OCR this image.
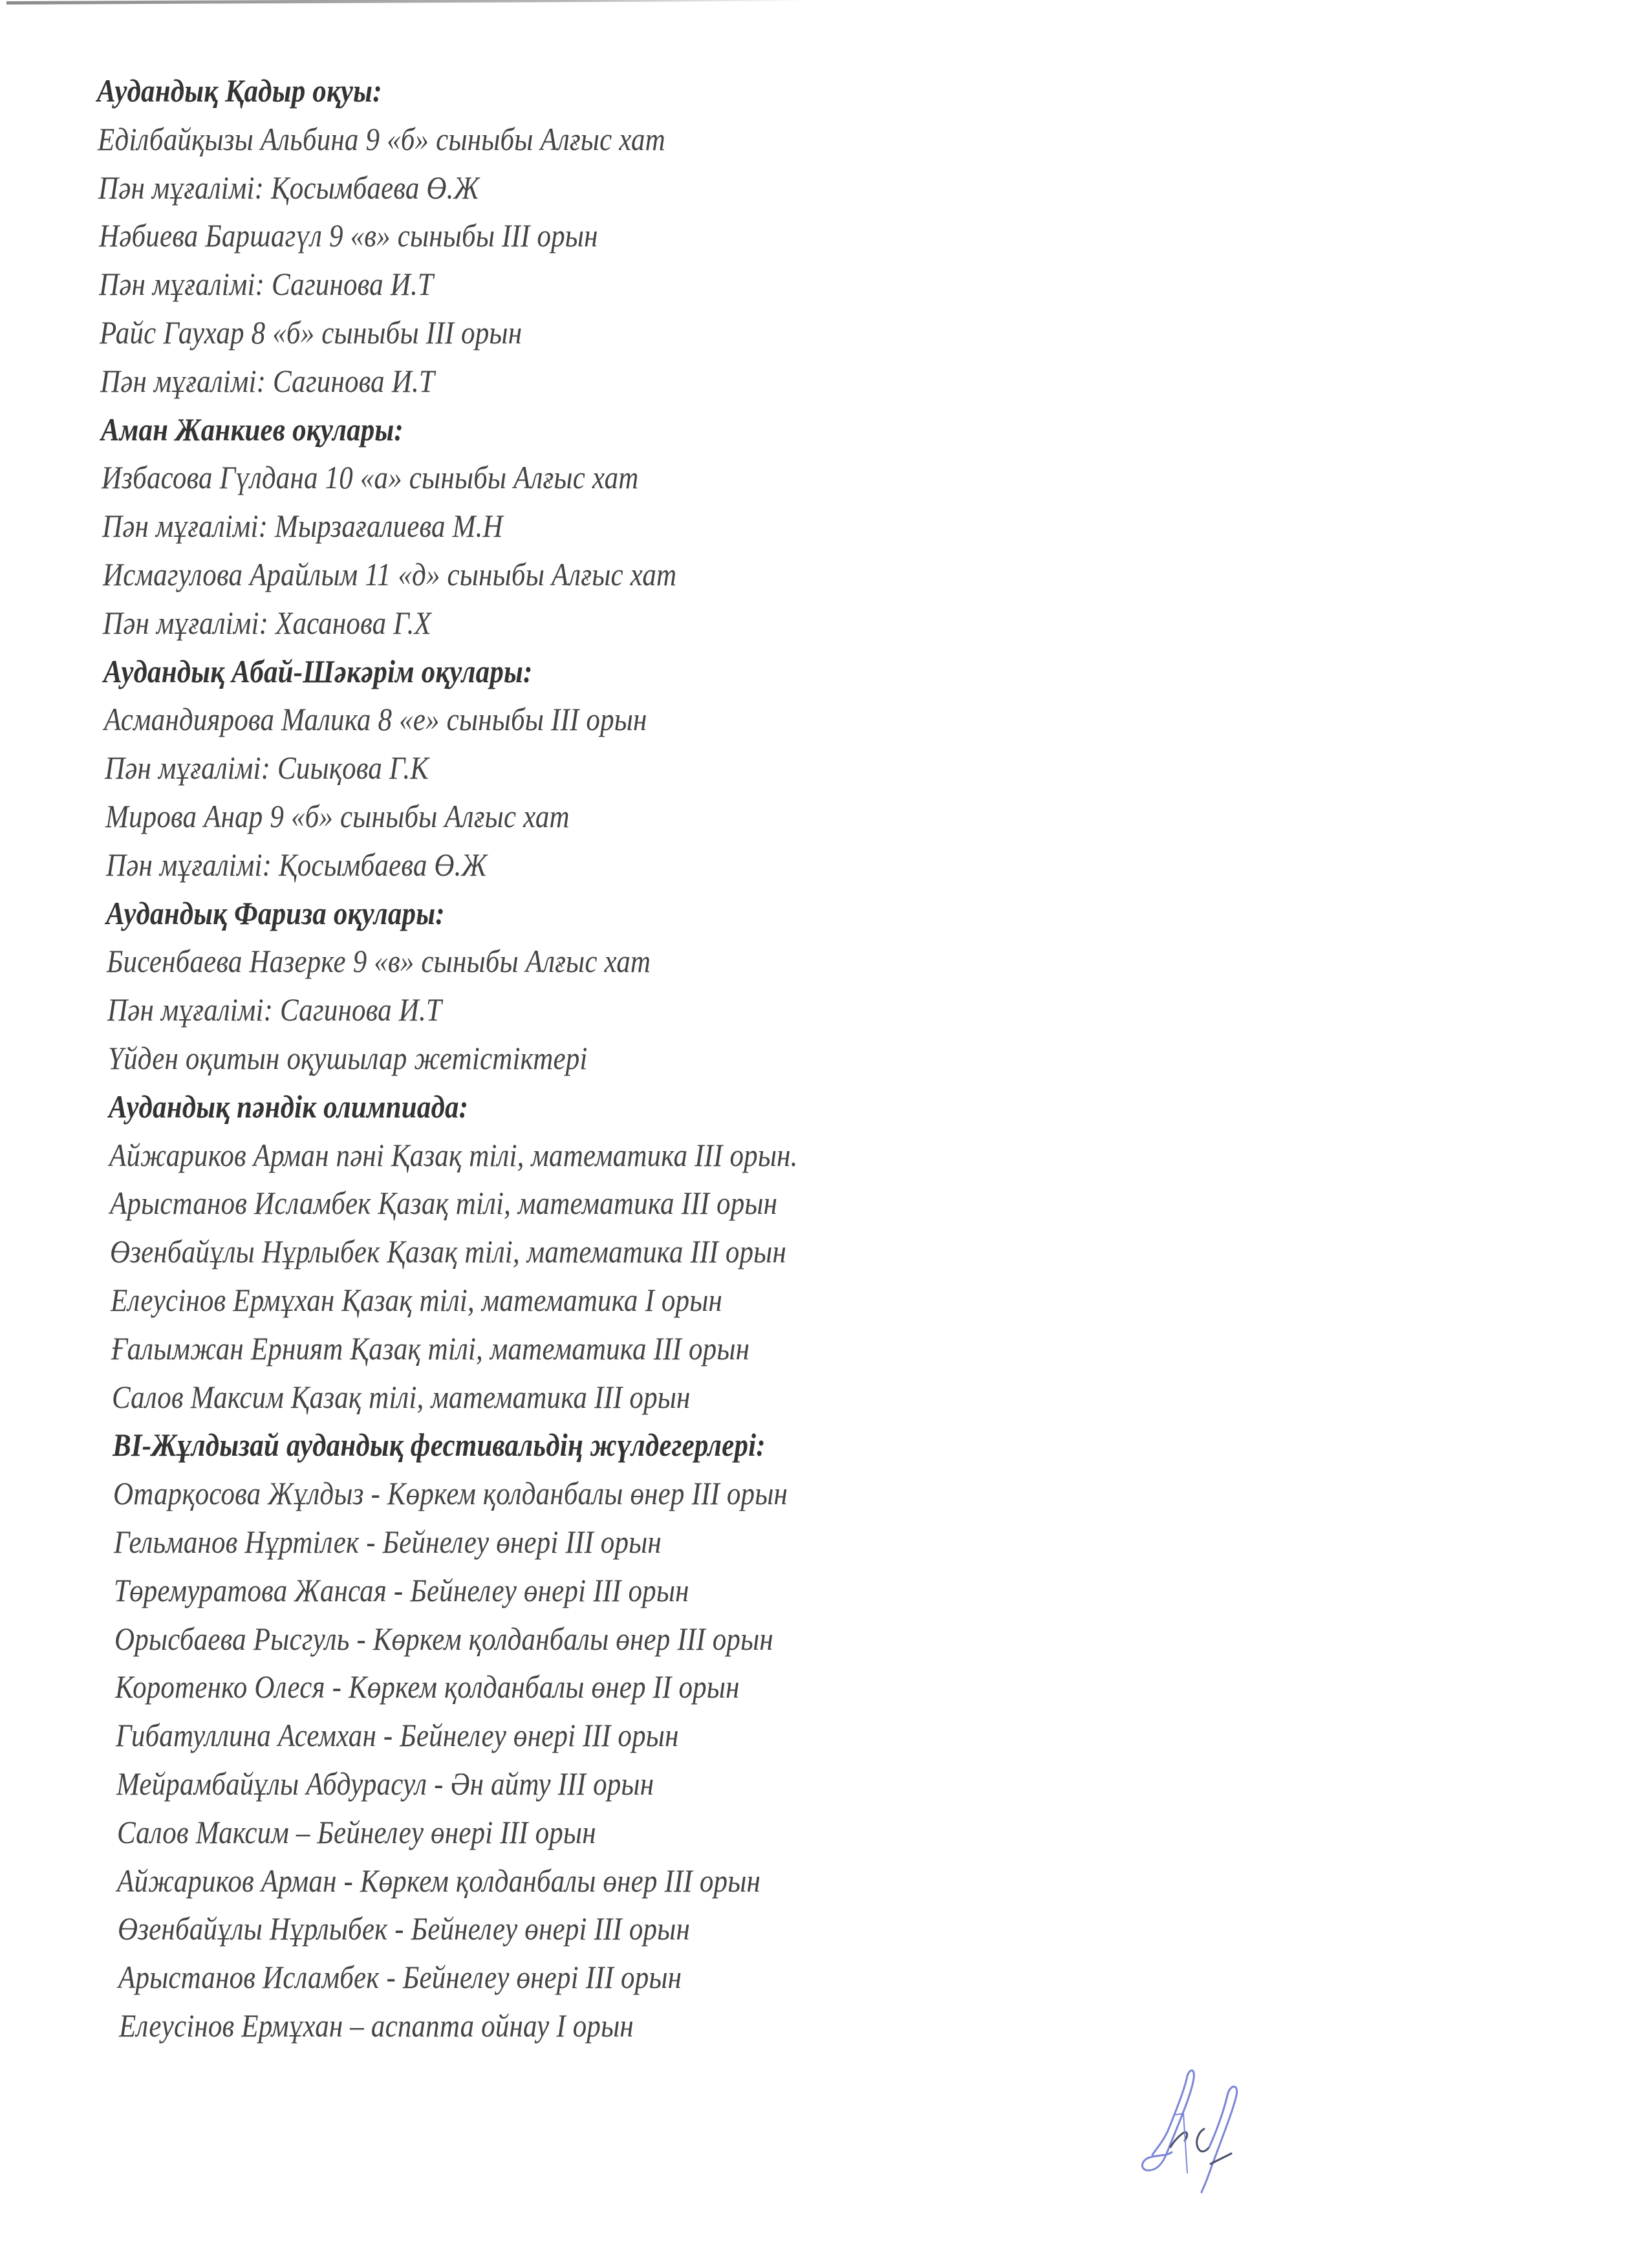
Аудандық Қадыр оқуы:
Еділбайқызы Альбина 9 «б» сыныбы Алғыс хат
Пән мұғалімі: Қосымбаева Ө.Ж
Нәбиева Баршагүл 9 «в» сыныбы III орын
Пән мұғалімі: Сагинова И.Т
Райс Гаухар 8 «б» сыныбы III орын
Пән мұғалімі: Сагинова И.Т
Аман Жанкиев оқулары:
Избасова Гүлдана 10 «а» сыныбы Алғыс хат
Пән мұғалімі: Мырзағалиева М.Н
Исмагулова Арайлым 11 «д» сыныбы Алғыс хат
Пән мұғалімі: Хасанова Г.Х
Аудандық Абай-Шәкәрім оқулары:
Асмандиярова Малика 8 «е» сыныбы III орын
Пән мұғалімі: Сиықова Г.К
Мирова Анар 9 «б» сыныбы Алғыс хат
Пән мұғалімі: Қосымбаева Ө.Ж
Аудандық Фариза оқулары:
Бисенбаева Назерке 9 «в» сыныбы Алғыс хат
Пән мұғалімі: Сагинова И.Т
Үйден оқитын оқушылар жетістіктері
Аудандық пәндік олимпиада:
Айжариков Арман пәні Қазақ тілі, математика III орын.
Арыстанов Исламбек Қазақ тілі, математика III орын
Өзенбайұлы Нұрлыбек Қазақ тілі, математика III орын
Елеусінов Ермұхан Қазақ тілі, математика I орын
Ғалымжан Ерният Қазақ тілі, математика III орын
Салов Максим Қазақ тілі, математика III орын
ВІ-Жұлдызай аудандық фестивальдің жүлдегерлері:
Отарқосова Жұлдыз - Көркем қолданбалы өнер III орын
Гельманов Нұртілек - Бейнелеу өнері III орын
Төремуратова Жансая - Бейнелеу өнері III орын
Орысбаева Рысгуль - Көркем қолданбалы өнер III орын
Коротенко Олеся - Көркем қолданбалы өнер II орын
Гибатуллина Асемхан - Бейнелеу өнері III орын
Мейрамбайұлы Абдурасул - Ән айту III орын
Салов Максим – Бейнелеу өнері III орын
Айжариков Арман - Көркем қолданбалы өнер III орын
Өзенбайұлы Нұрлыбек - Бейнелеу өнері III орын
Арыстанов Исламбек - Бейнелеу өнері III орын
Елеусінов Ермұхан – аспапта ойнау I орын
